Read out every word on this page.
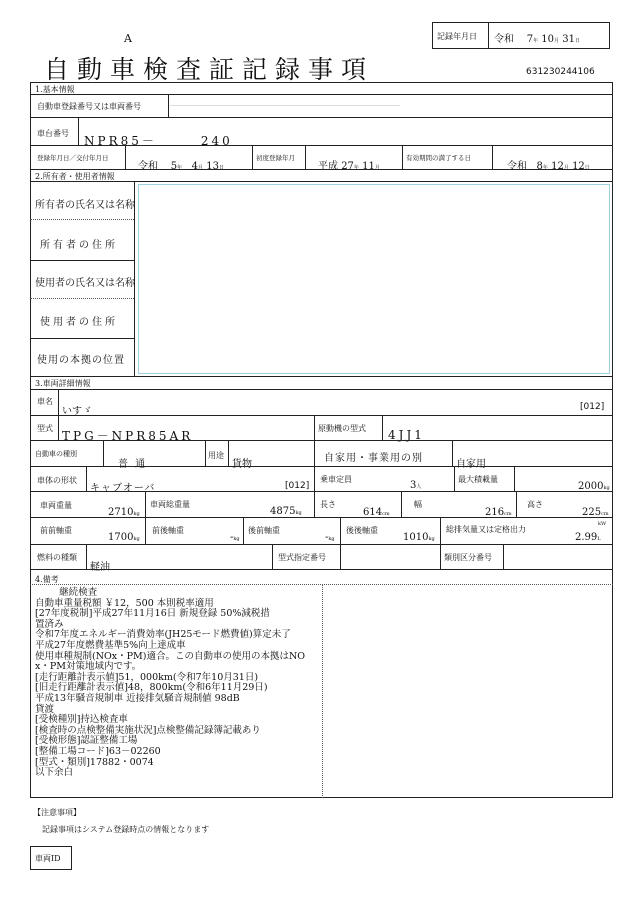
A
自動車検査証記録事項
記録年月日 令和 7年 10月 31日
631230244106
1.基本情報
自動車登録番号又は車両番号
車台番号
NPR85－	240
登録年月日／交付年月日
令和 5年 4月 13日
初度登録年月
平成 27年 11月
有効期間の満了する日
令和 8年 12月 12日
2.所有者・使用者情報
所有者の氏名又は名称
所有者の住所
使用者の氏名又は名称
使用者の住所
使用の本拠の位置
3.車両詳細情報
車名
いすゞ	[012]
型式
TPG－NPR85AR
原動機の型式 4JJ1
自動車の種別
普 通
用途
貨物
自家用・事業用の別
自家用
車体の形状
キャブオーバ	[012]
乗車定員
3人
最大積載量
2000kg
車両重量
2710kg
車両総重量
4875kg
長さ
614cm
幅
216cm
高さ
225cm
前前軸重
1700kg
前後軸重
-kg
後前軸重
-kg
後後軸重
1010kg
総排気量又は定格出力
kW
2.99L
燃料の種類
軽油
型式指定番号	類別区分番号
4.備考
継続検査
自動車重量税額 ￥12，500 本則税率適用
[27年度税制]平成27年11月16日 新規登録 50%減税措
置済み
令和7年度エネルギー消費効率(JH25モード燃費値)算定未了
平成27年度燃費基準5%向上達成車
使用車種規制(NOx・PM)適合。この自動車の使用の本拠はNO
x・PM対策地域内です。
[走行距離計表示値]51，000km(令和7年10月31日)
[旧走行距離計表示値]48，800km(令和6年11月29日)
平成13年騒音規制車 近接排気騒音規制値 98dB
貸渡
[受検種別]持込検査車
[検査時の点検整備実施状況]点検整備記録簿記載あり
[受検形態]認証整備工場
[整備工場コード]63－02260
[型式・類別]17882・0074
以下余白
【注意事項】
記録事項はシステム登録時点の情報となります
車両ID
